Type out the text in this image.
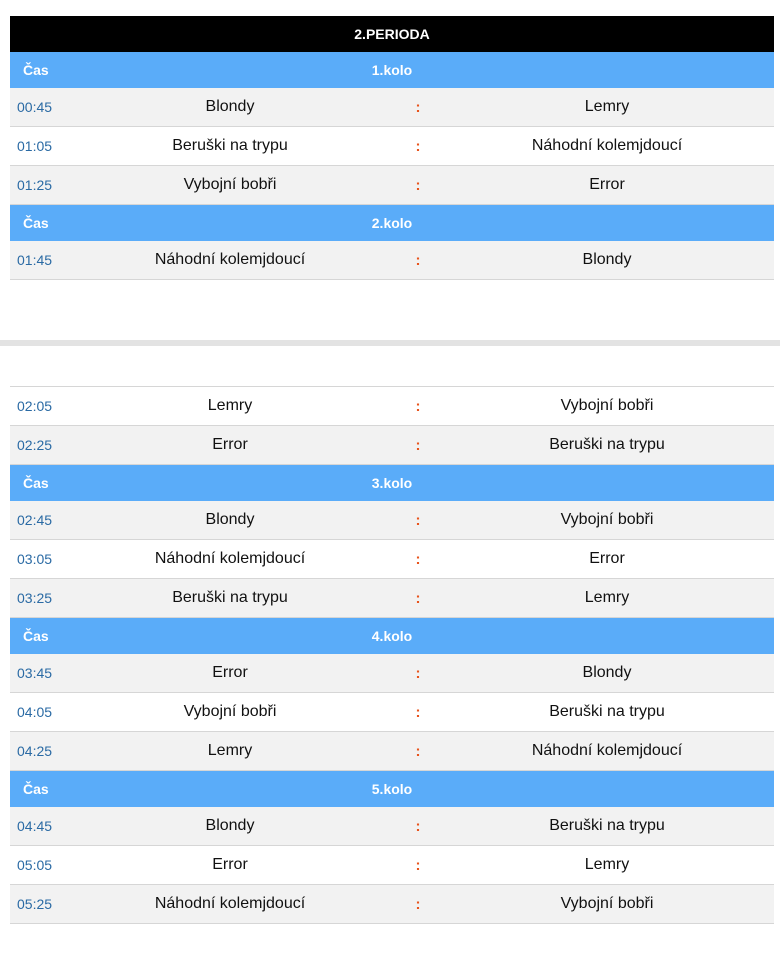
2.PERIODA
Čas	1.kolo
00:45	Blondy	:	Lemry
01:05	Beruški na trypu	:	Náhodní kolemjdoucí
01:25	Vybojní bobři	:	Error
Čas	2.kolo
01:45	Náhodní kolemjdoucí	:	Blondy
02:05	Lemry	:	Vybojní bobři
02:25	Error	:	Beruški na trypu
Čas	3.kolo
02:45	Blondy	:	Vybojní bobři
03:05	Náhodní kolemjdoucí	:	Error
03:25	Beruški na trypu	:	Lemry
Čas	4.kolo
03:45	Error	:	Blondy
04:05	Vybojní bobři	:	Beruški na trypu
04:25	Lemry	:	Náhodní kolemjdoucí
Čas	5.kolo
04:45	Blondy	:	Beruški na trypu
05:05	Error	:	Lemry
05:25	Náhodní kolemjdoucí	:	Vybojní bobři
